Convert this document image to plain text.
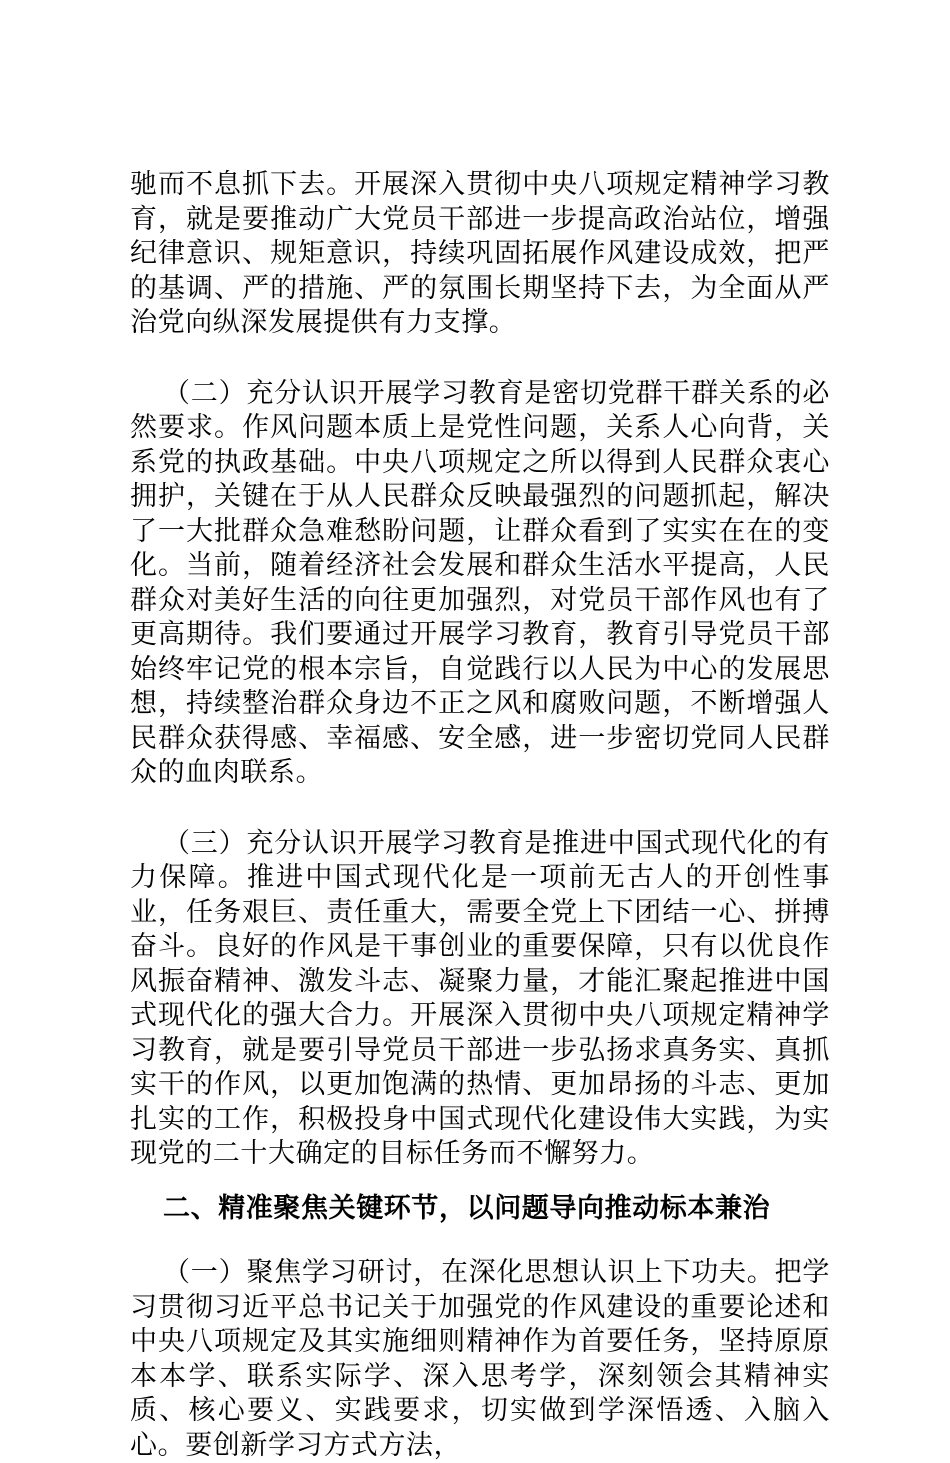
驰而不息抓下去。开展深入贯彻中央八项规定精神学习教育，就是要推动广大党员干部进一步提高政治站位，增强纪律意识、规矩意识，持续巩固拓展作风建设成效，把严的基调、严的措施、严的氛围长期坚持下去，为全面从严治党向纵深发展提供有力支撑。

（二）充分认识开展学习教育是密切党群干群关系的必然要求。作风问题本质上是党性问题，关系人心向背，关系党的执政基础。中央八项规定之所以得到人民群众衷心拥护，关键在于从人民群众反映最强烈的问题抓起，解决了一大批群众急难愁盼问题，让群众看到了实实在在的变化。当前，随着经济社会发展和群众生活水平提高，人民群众对美好生活的向往更加强烈，对党员干部作风也有了更高期待。我们要通过开展学习教育，教育引导党员干部始终牢记党的根本宗旨，自觉践行以人民为中心的发展思想，持续整治群众身边不正之风和腐败问题，不断增强人民群众获得感、幸福感、安全感，进一步密切党同人民群众的血肉联系。

（三）充分认识开展学习教育是推进中国式现代化的有力保障。推进中国式现代化是一项前无古人的开创性事业，任务艰巨、责任重大，需要全党上下团结一心、拼搏奋斗。良好的作风是干事创业的重要保障，只有以优良作风振奋精神、激发斗志、凝聚力量，才能汇聚起推进中国式现代化的强大合力。开展深入贯彻中央八项规定精神学习教育，就是要引导党员干部进一步弘扬求真务实、真抓实干的作风，以更加饱满的热情、更加昂扬的斗志、更加扎实的工作，积极投身中国式现代化建设伟大实践，为实现党的二十大确定的目标任务而不懈努力。

二、精准聚焦关键环节，以问题导向推动标本兼治

（一）聚焦学习研讨，在深化思想认识上下功夫。把学习贯彻习近平总书记关于加强党的作风建设的重要论述和中央八项规定及其实施细则精神作为首要任务，坚持原原本本学、联系实际学、深入思考学，深刻领会其精神实质、核心要义、实践要求，切实做到学深悟透、入脑入心。要创新学习方式方法，
